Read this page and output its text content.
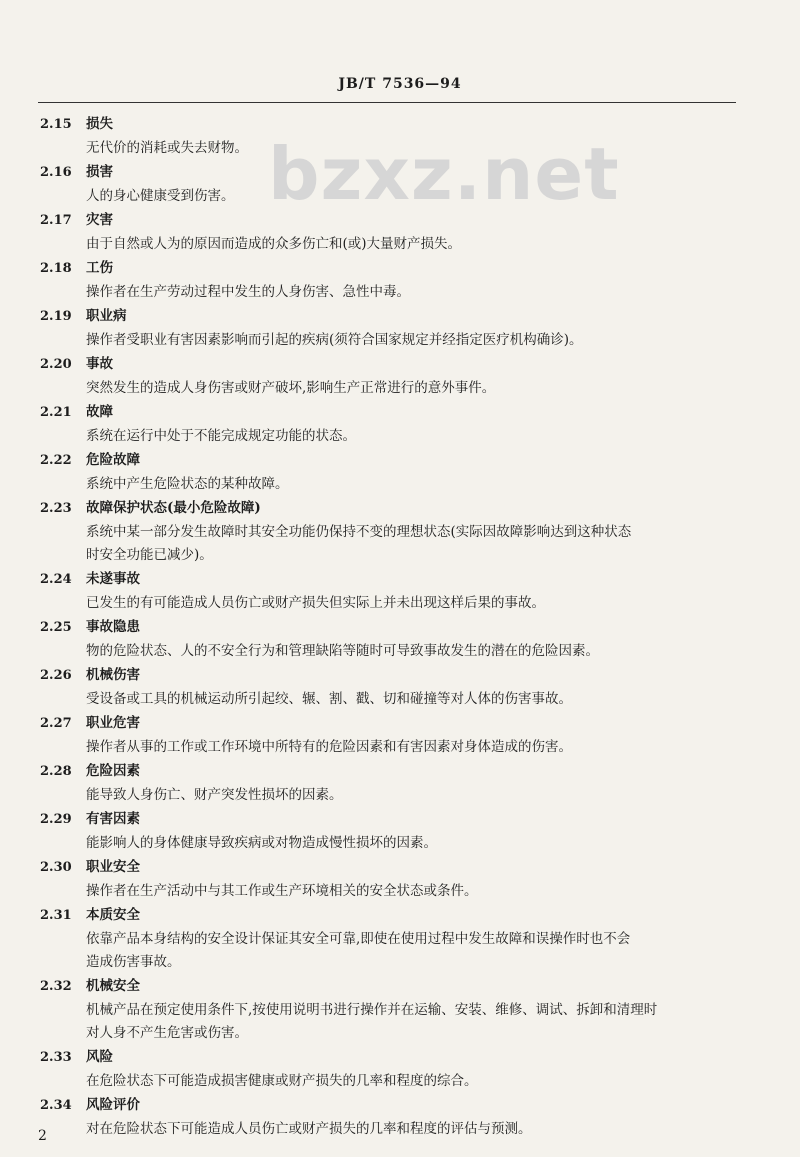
JB/T 7536—94
bzxz.net
2.15 损失
无代价的消耗或失去财物。
2.16 损害
人的身心健康受到伤害。
2.17 灾害
由于自然或人为的原因而造成的众多伤亡和(或)大量财产损失。
2.18 工伤
操作者在生产劳动过程中发生的人身伤害、急性中毒。
2.19 职业病
操作者受职业有害因素影响而引起的疾病(须符合国家规定并经指定医疗机构确诊)。
2.20 事故
突然发生的造成人身伤害或财产破坏,影响生产正常进行的意外事件。
2.21 故障
系统在运行中处于不能完成规定功能的状态。
2.22 危险故障
系统中产生危险状态的某种故障。
2.23 故障保护状态(最小危险故障)
系统中某一部分发生故障时其安全功能仍保持不变的理想状态(实际因故障影响达到这种状态
时安全功能已减少)。
2.24 未遂事故
已发生的有可能造成人员伤亡或财产损失但实际上并未出现这样后果的事故。
2.25 事故隐患
物的危险状态、人的不安全行为和管理缺陷等随时可导致事故发生的潜在的危险因素。
2.26 机械伤害
受设备或工具的机械运动所引起绞、辗、割、戳、切和碰撞等对人体的伤害事故。
2.27 职业危害
操作者从事的工作或工作环境中所特有的危险因素和有害因素对身体造成的伤害。
2.28 危险因素
能导致人身伤亡、财产突发性损坏的因素。
2.29 有害因素
能影响人的身体健康导致疾病或对物造成慢性损坏的因素。
2.30 职业安全
操作者在生产活动中与其工作或生产环境相关的安全状态或条件。
2.31 本质安全
依靠产品本身结构的安全设计保证其安全可靠,即使在使用过程中发生故障和误操作时也不会
造成伤害事故。
2.32 机械安全
机械产品在预定使用条件下,按使用说明书进行操作并在运输、安装、维修、调试、拆卸和清理时
对人身不产生危害或伤害。
2.33 风险
在危险状态下可能造成损害健康或财产损失的几率和程度的综合。
2.34 风险评价
对在危险状态下可能造成人员伤亡或财产损失的几率和程度的评估与预测。
2
